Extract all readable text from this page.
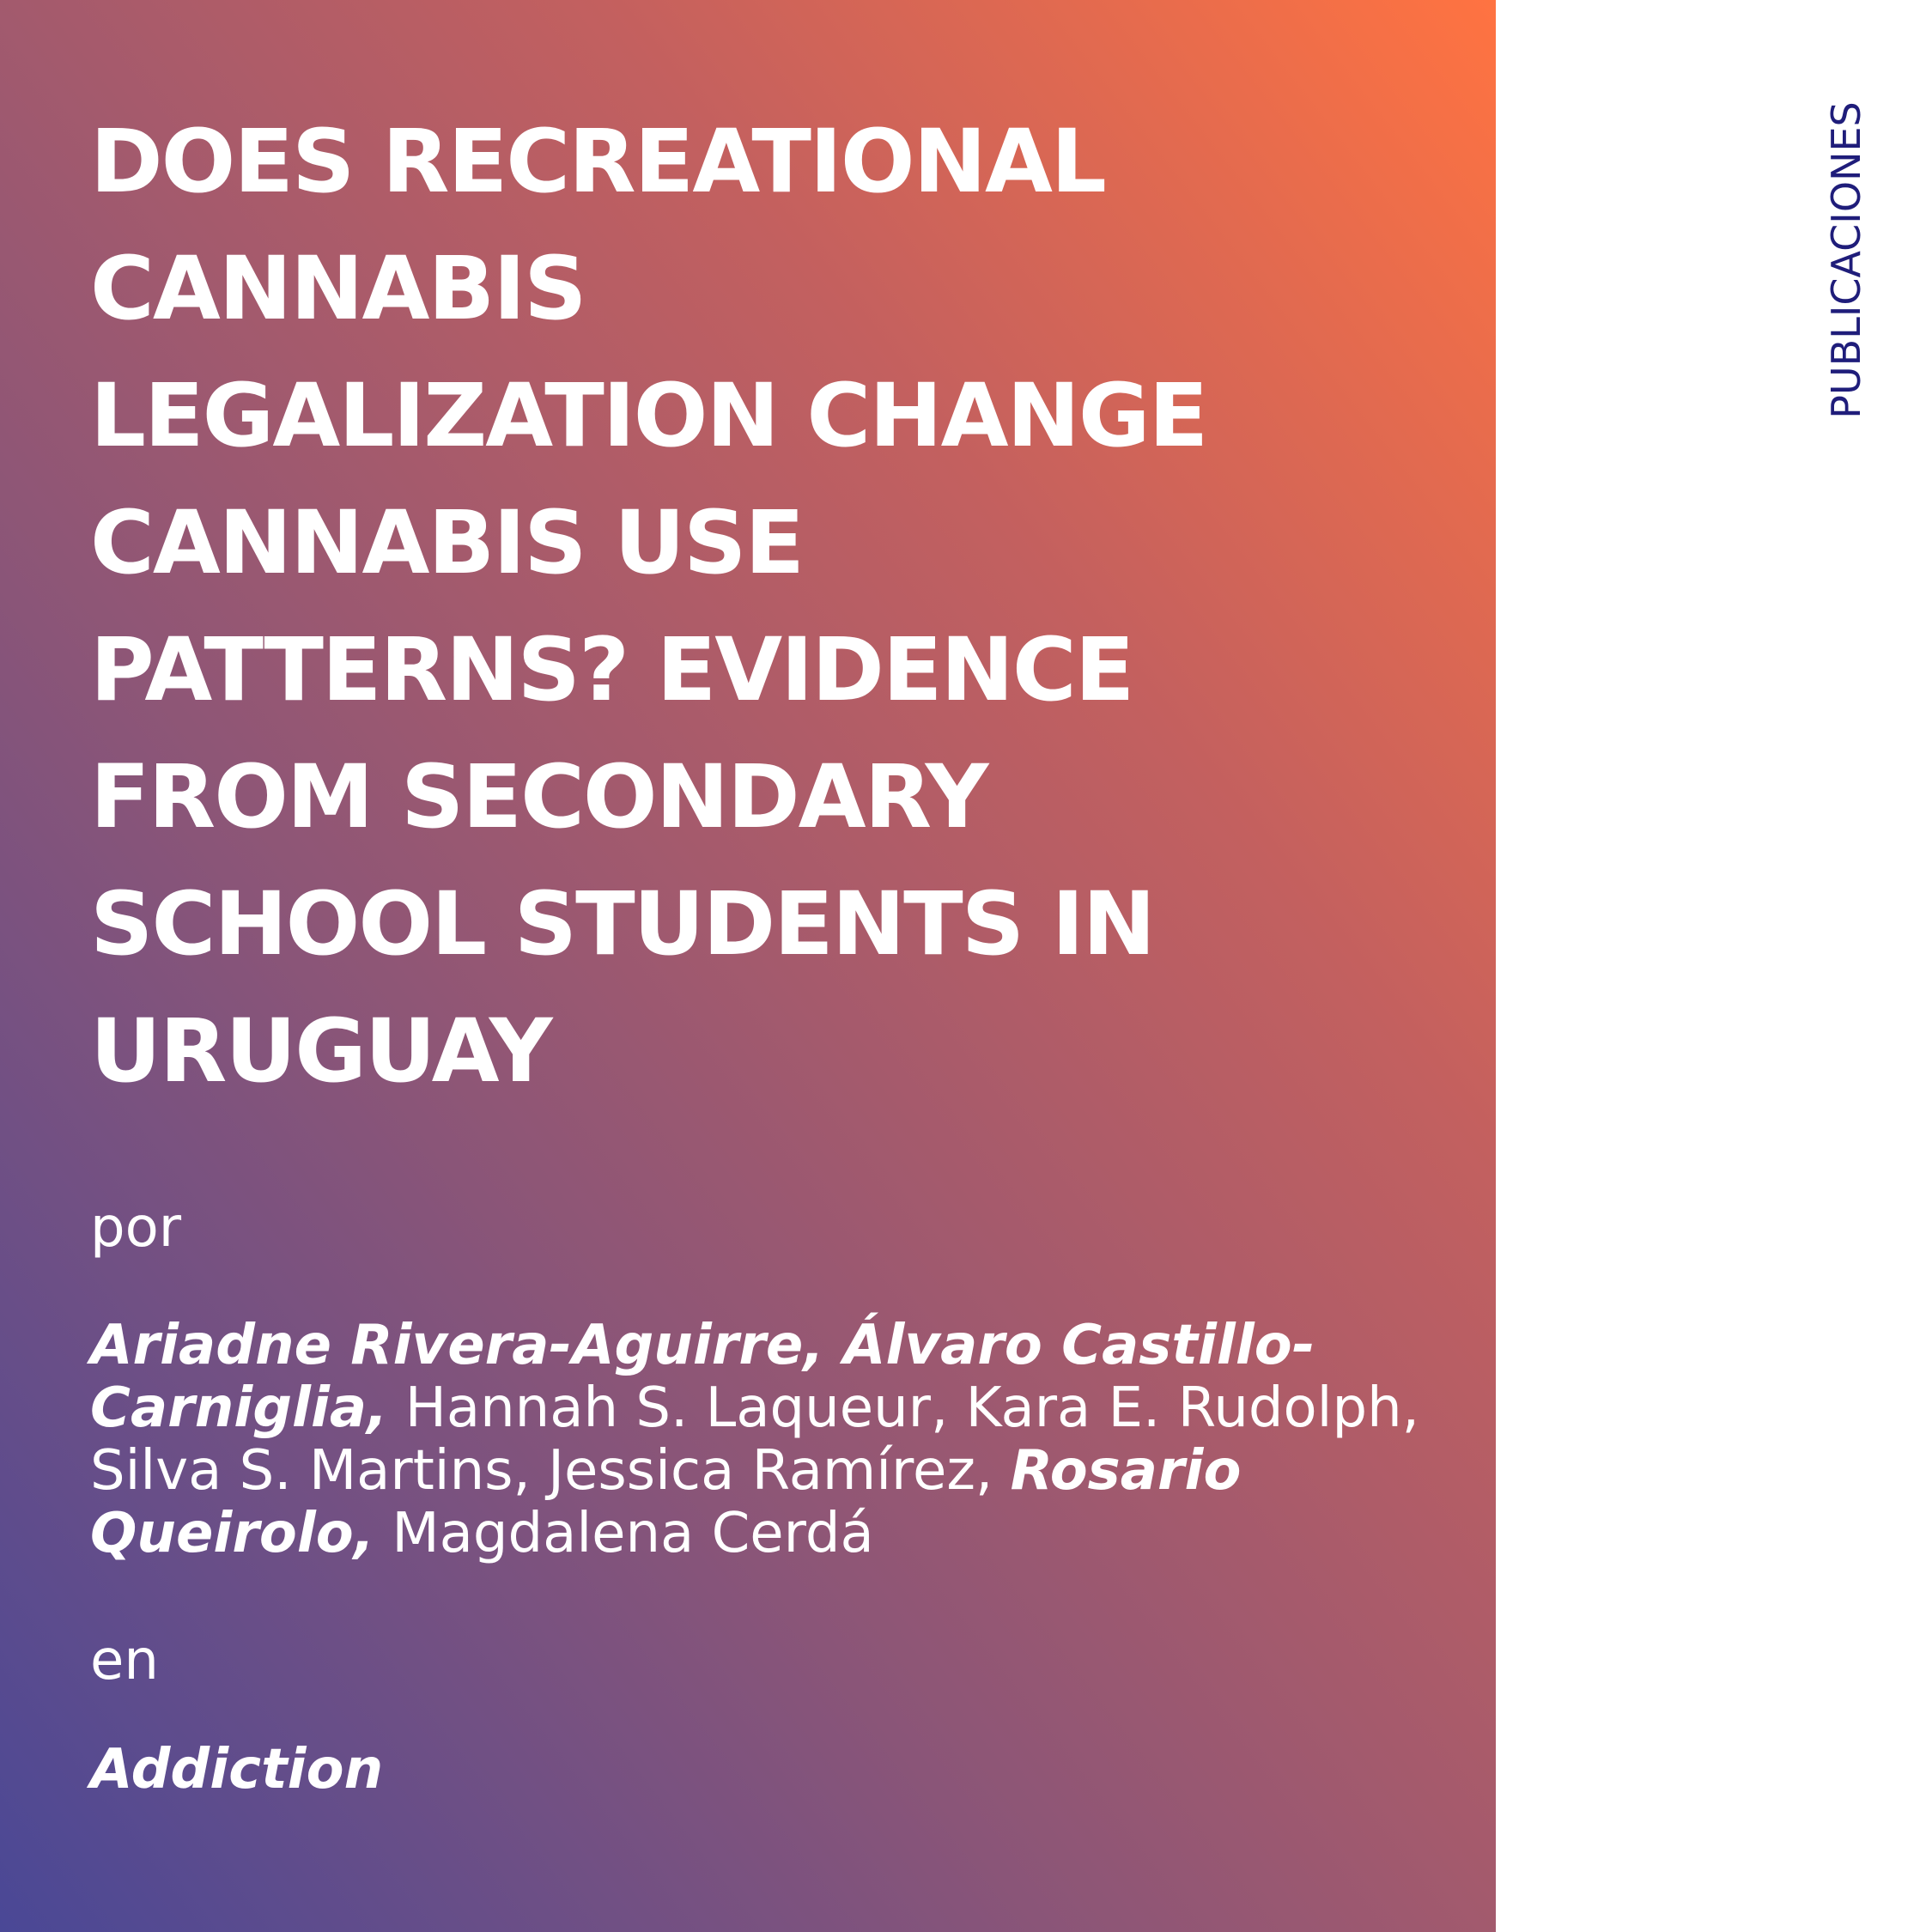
DOES RECREATIONAL
CANNABIS
LEGALIZATION CHANGE
CANNABIS USE
PATTERNS? EVIDENCE
FROM SECONDARY
SCHOOL STUDENTS IN
URUGUAY
por
Ariadne Rivera-Aguirre, Álvaro Castillo-Carniglia, Hannah S. Laqueur, Kara E. Rudolph, Silva S. Martins, Jessica Ramírez, Rosario Queirolo, Magdalena Cerdá
en
Addiction
PUBLICACIONES
